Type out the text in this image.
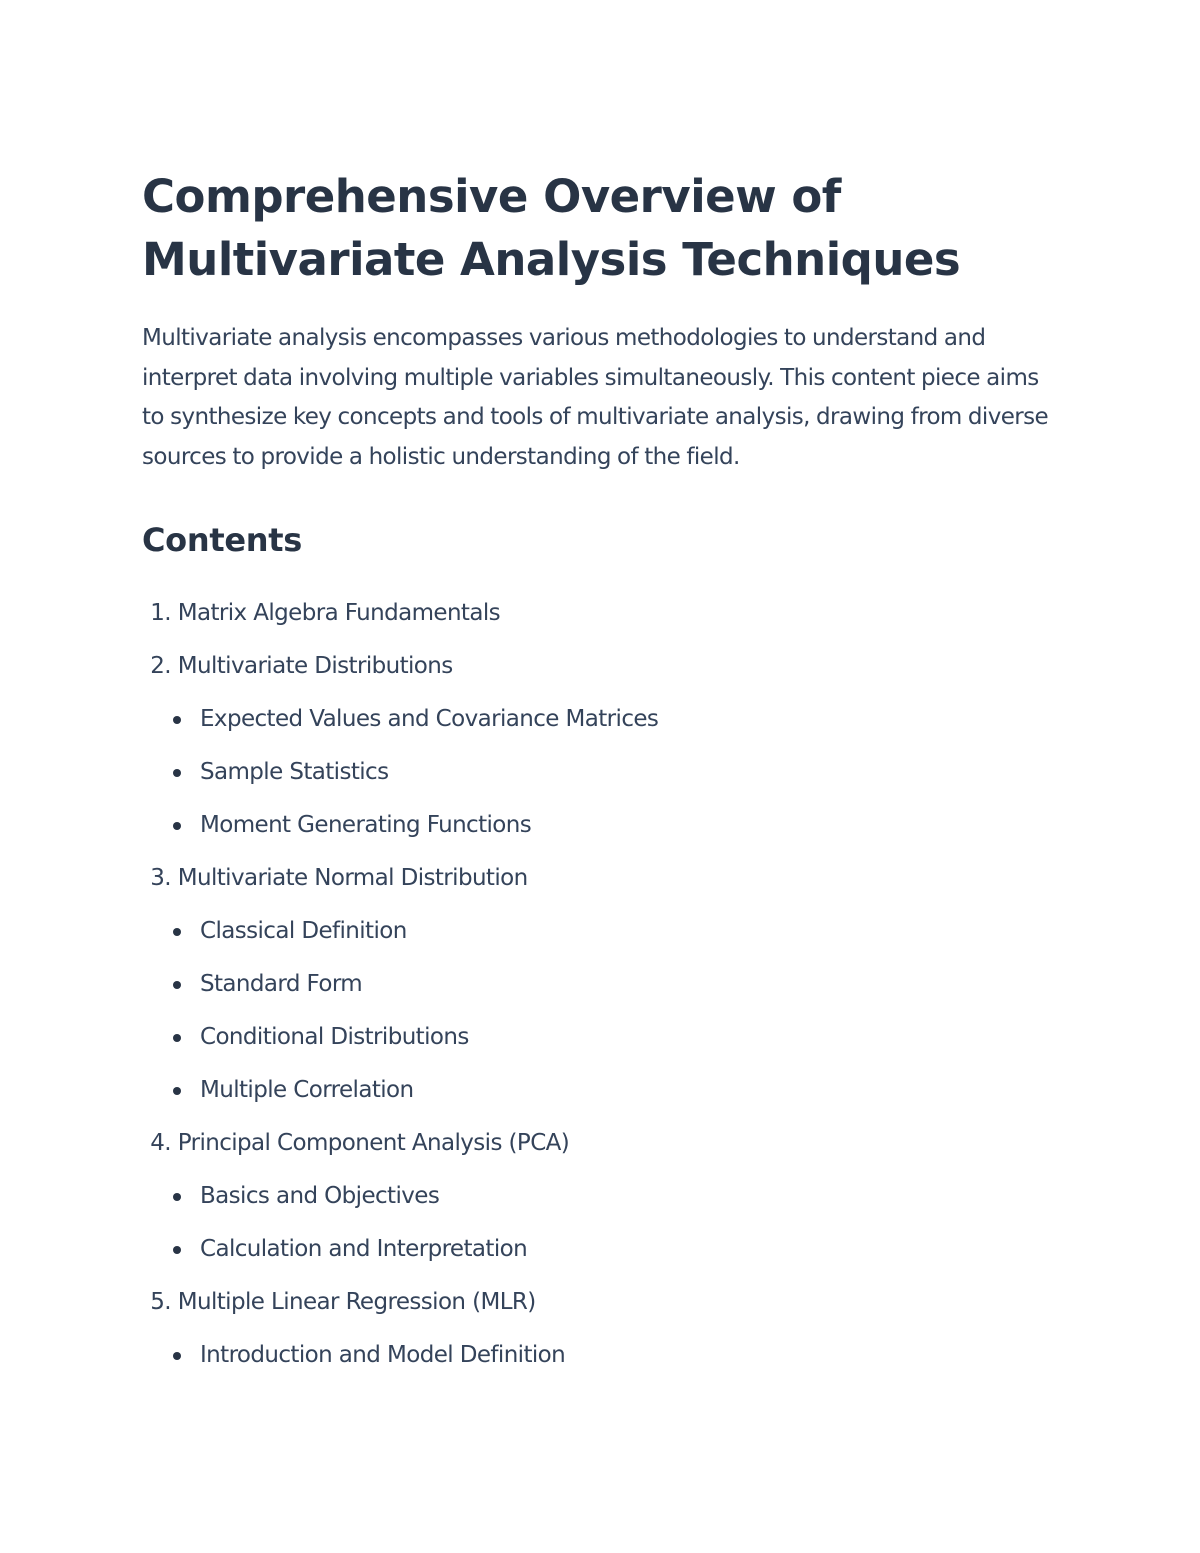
Comprehensive Overview of
Multivariate Analysis Techniques

Multivariate analysis encompasses various methodologies to understand and interpret data involving multiple variables simultaneously. This content piece aims to synthesize key concepts and tools of multivariate analysis, drawing from diverse sources to provide a holistic understanding of the field.

Contents
1. Matrix Algebra Fundamentals
2. Multivariate Distributions
Expected Values and Covariance Matrices
Sample Statistics
Moment Generating Functions
3. Multivariate Normal Distribution
Classical Definition
Standard Form
Conditional Distributions
Multiple Correlation
4. Principal Component Analysis (PCA)
Basics and Objectives
Calculation and Interpretation
5. Multiple Linear Regression (MLR)
Introduction and Model Definition
